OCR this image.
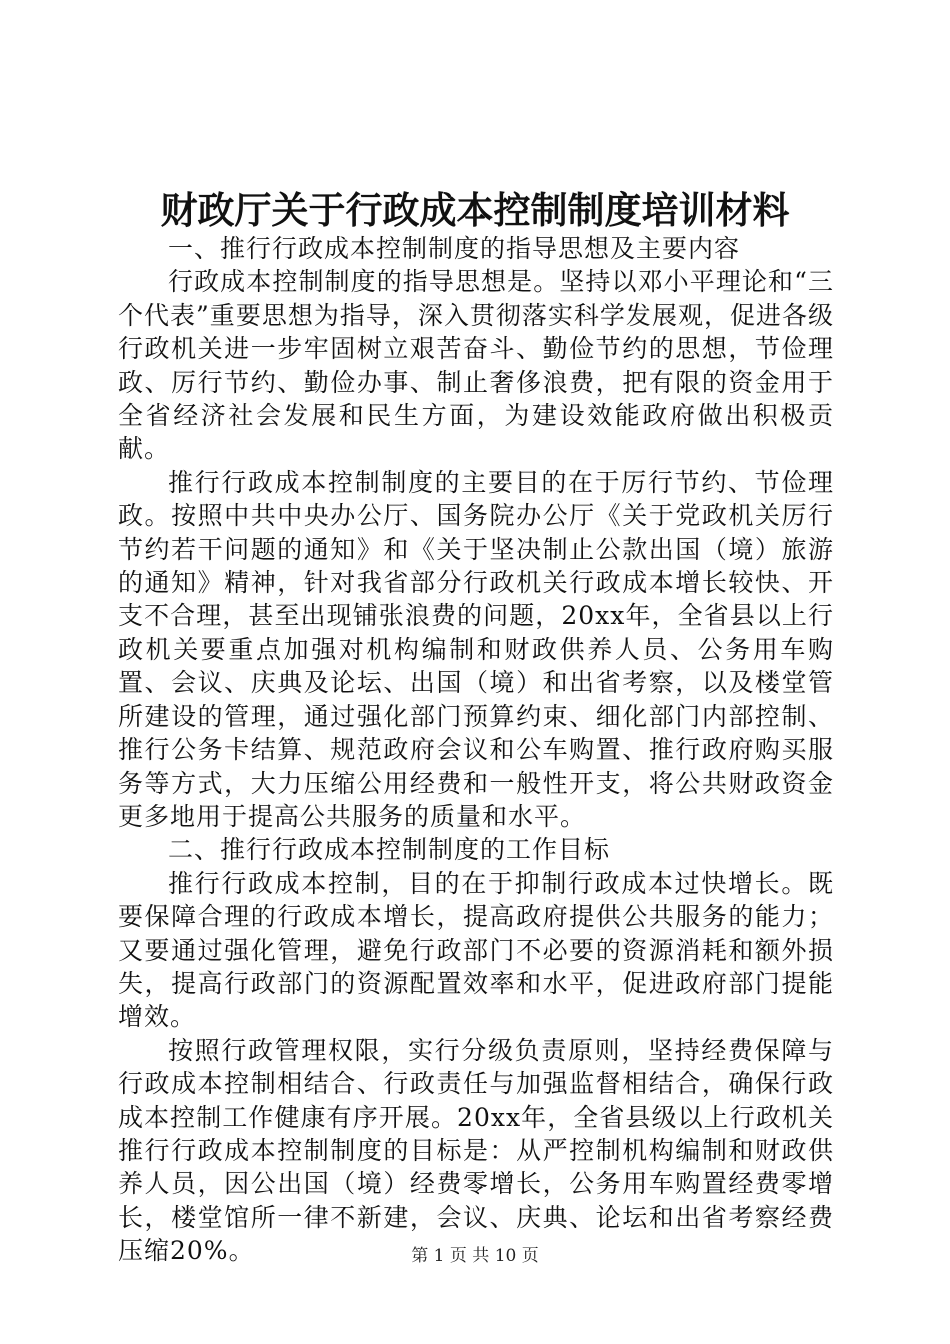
财政厅关于行政成本控制制度培训材料

一、推行行政成本控制制度的指导思想及主要内容

行政成本控制制度的指导思想是。坚持以邓小平理论和“三个代表”重要思想为指导，深入贯彻落实科学发展观，促进各级行政机关进一步牢固树立艰苦奋斗、勤俭节约的思想，节俭理政、厉行节约、勤俭办事、制止奢侈浪费，把有限的资金用于全省经济社会发展和民生方面，为建设效能政府做出积极贡献。

推行行政成本控制制度的主要目的在于厉行节约、节俭理政。按照中共中央办公厅、国务院办公厅《关于党政机关厉行节约若干问题的通知》和《关于坚决制止公款出国（境）旅游的通知》精神，针对我省部分行政机关行政成本增长较快、开支不合理，甚至出现铺张浪费的问题，20xx年，全省县以上行政机关要重点加强对机构编制和财政供养人员、公务用车购置、会议、庆典及论坛、出国（境）和出省考察，以及楼堂管所建设的管理，通过强化部门预算约束、细化部门内部控制、推行公务卡结算、规范政府会议和公车购置、推行政府购买服务等方式，大力压缩公用经费和一般性开支，将公共财政资金更多地用于提高公共服务的质量和水平。

二、推行行政成本控制制度的工作目标

推行行政成本控制，目的在于抑制行政成本过快增长。既要保障合理的行政成本增长，提高政府提供公共服务的能力；又要通过强化管理，避免行政部门不必要的资源消耗和额外损失，提高行政部门的资源配置效率和水平，促进政府部门提能增效。

按照行政管理权限，实行分级负责原则，坚持经费保障与行政成本控制相结合、行政责任与加强监督相结合，确保行政成本控制工作健康有序开展。20xx年，全省县级以上行政机关推行行政成本控制制度的目标是：从严控制机构编制和财政供养人员，因公出国（境）经费零增长，公务用车购置经费零增长，楼堂馆所一律不新建，会议、庆典、论坛和出省考察经费压缩20%。	第 1 页 共 10 页
